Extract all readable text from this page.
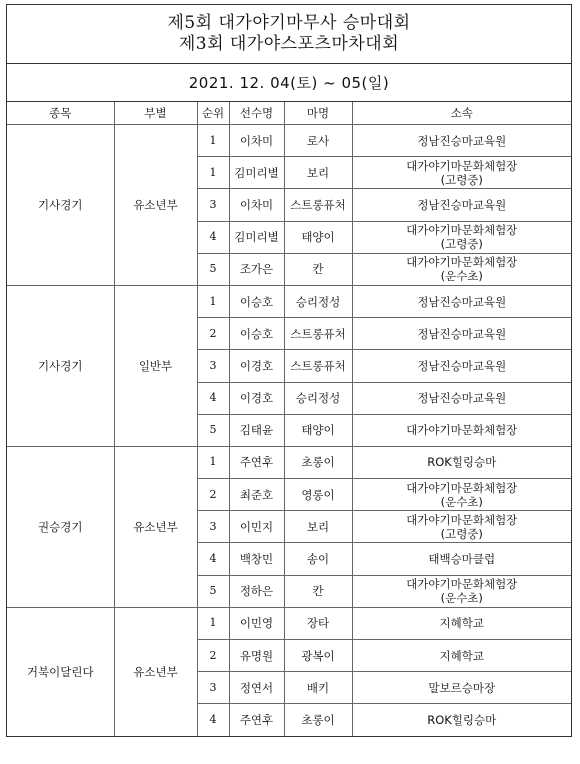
제5회 대가야기마무사 승마대회
제3회 대가야스포츠마차대회
2021. 12. 04(토) ~ 05(일)
종목	부별	순위	선수명	마명	소속
기사경기	유소년부	1	이차미	로사	정남진승마교육원

		1	김미리별	보리	대가야기마문화체험장
(고령중)

		3	이차미	스트롱퓨처	정남진승마교육원

		4	김미리별	태양이	대가야기마문화체험장
(고령중)

		5	조가은	칸	대가야기마문화체험장
(운수초)

기사경기	일반부	1	이승호	승리정성	정남진승마교육원

		2	이승호	스트롱퓨처	정남진승마교육원

		3	이경호	스트롱퓨처	정남진승마교육원

		4	이경호	승리정성	정남진승마교육원

		5	김태윤	태양이	대가야기마문화체험장

권승경기	유소년부	1	주연후	초롱이	ROK힐링승마

		2	최준호	영롱이	대가야기마문화체험장
(운수초)

		3	이민지	보리	대가야기마문화체험장
(고령중)

		4	백창민	송이	태백승마클럽

		5	정하은	칸	대가야기마문화체험장
(운수초)

거북이달린다	유소년부	1	이민영	장타	지혜학교

		2	유명원	광복이	지혜학교

		3	정연서	배키	말보르승마장

		4	주연후	초롱이	ROK힐링승마
